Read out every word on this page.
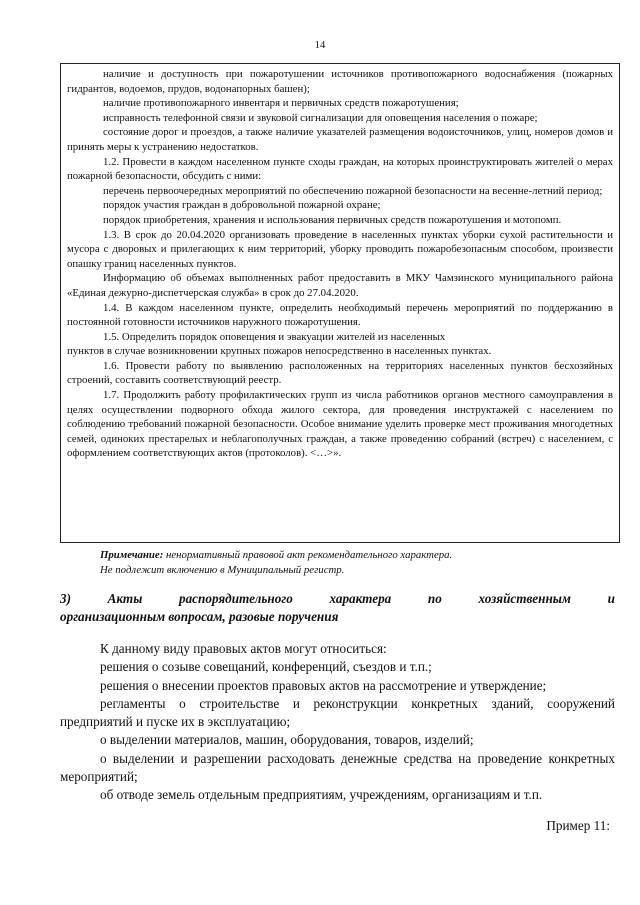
14

наличие и доступность при пожаротушении источников противопожарного водоснабжения (пожарных гидрантов, водоемов, прудов, водонапорных башен);

наличие противопожарного инвентаря и первичных средств пожаротушения;

исправность телефонной связи и звуковой сигнализации для оповещения населения о пожаре;

состояние дорог и проездов, а также наличие указателей размещения водоисточников, улиц, номеров домов и принять меры к устранению недостатков.

1.2. Провести в каждом населенном пункте сходы граждан, на которых проинструктировать жителей о мерах пожарной безопасности, обсудить с ними:

перечень первоочередных мероприятий по обеспечению пожарной безопасности на весенне-летний период;

порядок участия граждан в добровольной пожарной охране;

порядок приобретения, хранения и использования первичных средств пожаротушения и мотопомп.

1.3. В срок до 20.04.2020 организовать проведение в населенных пунктах уборки сухой растительности и мусора с дворовых и прилегающих к ним территорий, уборку проводить пожаробезопасным способом, произвести опашку границ населенных пунктов.

Информацию об объемах выполненных работ предоставить в МКУ Чамзинского муниципального района «Единая дежурно-диспетчерская служба» в срок до 27.04.2020.

1.4. В каждом населенном пункте, определить необходимый перечень мероприятий по поддержанию в постоянной готовности источников наружного пожаротушения.

1.5. Определить порядок оповещения и эвакуации жителей из населенных

пунктов в случае возникновении крупных пожаров непосредственно в населенных пунктах.

1.6. Провести работу по выявлению расположенных на территориях населенных пунктов бесхозяйных строений, составить соответствующий реестр.

1.7. Продолжить работу профилактических групп из числа работников органов местного самоуправления в целях осуществлении подворного обхода жилого сектора, для проведения инструктажей с населением по соблюдению требований пожарной безопасности. Особое внимание уделить проверке мест проживания многодетных семей, одиноких престарелых и неблагополучных граждан, а также проведению собраний (встреч) с населением, с оформлением соответствующих актов (протоколов). <…>».

Примечание: ненормативный правовой акт рекомендательного характера.
Не подлежит включению в Муниципальный регистр.
3)	Акты	распорядительного	характера	по	хозяйственным	и
организационным вопросам, разовые поручения

К данному виду правовых актов могут относиться:

решения о созыве совещаний, конференций, съездов и т.п.;

решения о внесении проектов правовых актов на рассмотрение и утверждение;

регламенты о строительстве и реконструкции конкретных зданий, сооружений предприятий и пуске их в эксплуатацию;

о выделении материалов, машин, оборудования, товаров, изделий;

о выделении и разрешении расходовать денежные средства на проведение конкретных мероприятий;

об отводе земель отдельным предприятиям, учреждениям, организациям и т.п.

Пример 11:
